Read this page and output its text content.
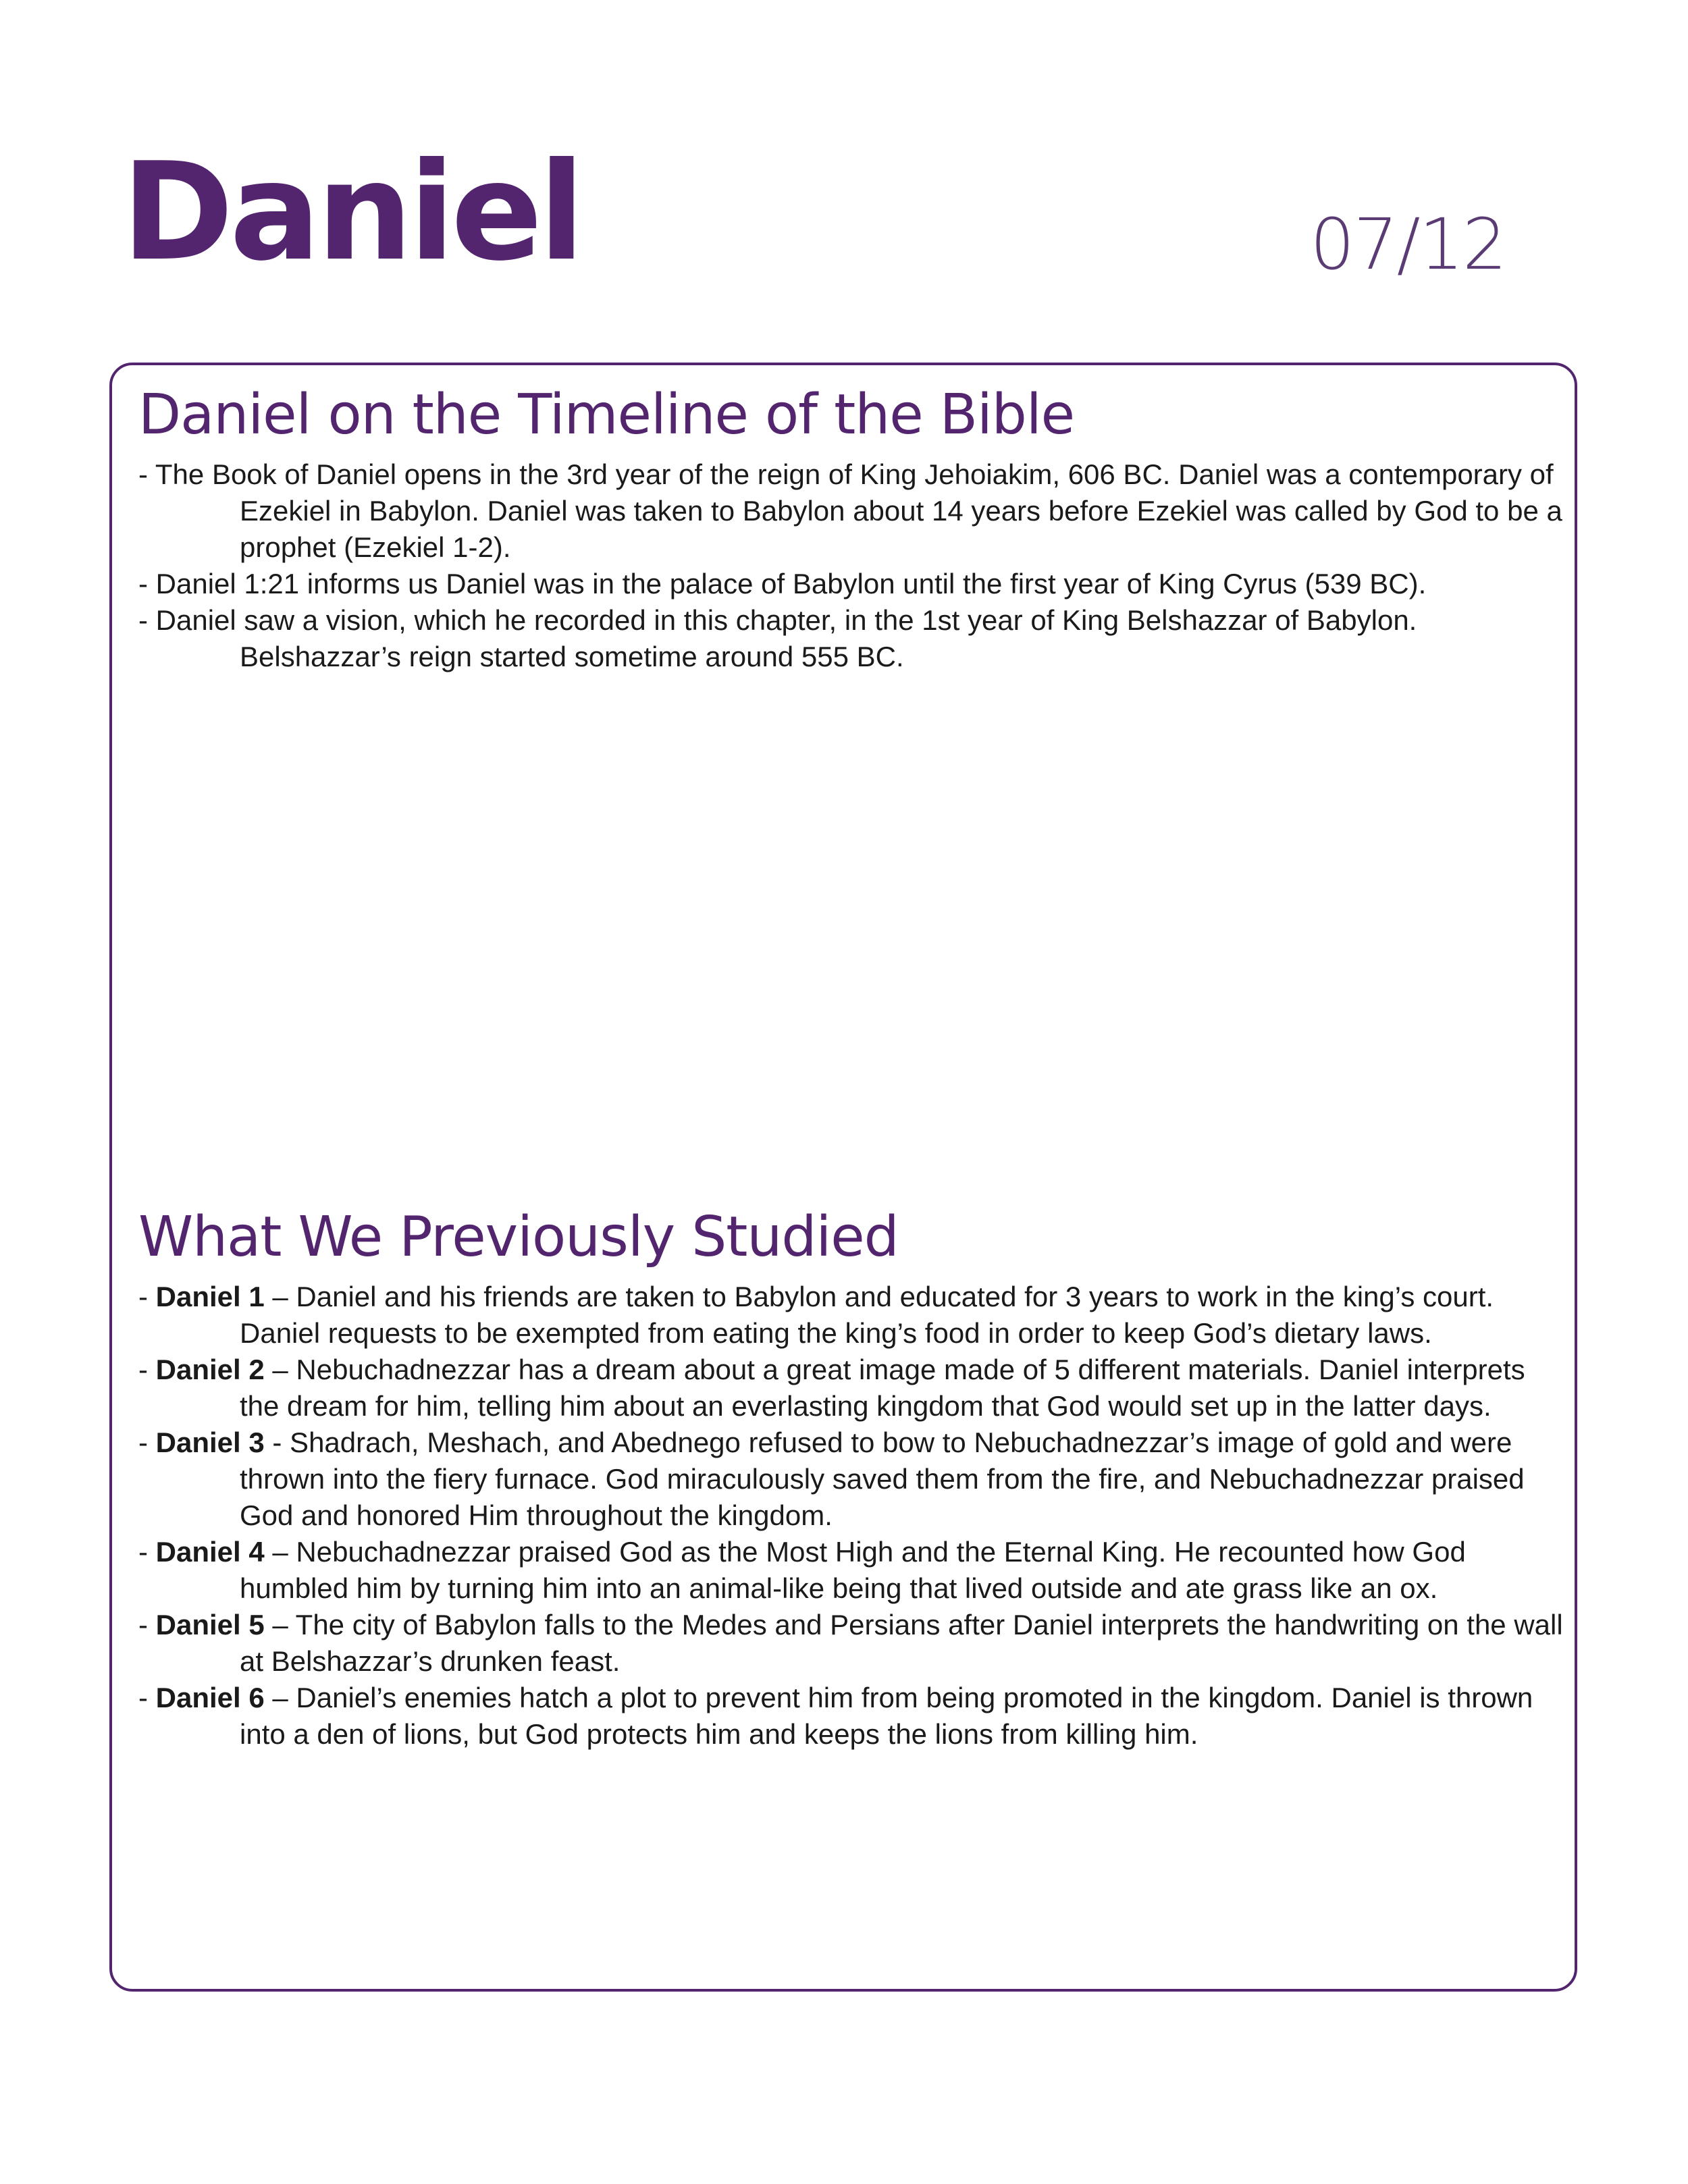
Daniel	07/12
Daniel on the Timeline of the Bible
- The Book of Daniel opens in the 3rd year of the reign of King Jehoiakim, 606 BC. Daniel was a contemporary of Ezekiel in Babylon. Daniel was taken to Babylon about 14 years before Ezekiel was called by God to be a prophet (Ezekiel 1-2).
- Daniel 1:21 informs us Daniel was in the palace of Babylon until the first year of King Cyrus (539 BC).
- Daniel saw a vision, which he recorded in this chapter, in the 1st year of King Belshazzar of Babylon. Belshazzar’s reign started sometime around 555 BC.
What We Previously Studied
- Daniel 1 – Daniel and his friends are taken to Babylon and educated for 3 years to work in the king’s court. Daniel requests to be exempted from eating the king’s food in order to keep God’s dietary laws.
- Daniel 2 – Nebuchadnezzar has a dream about a great image made of 5 different materials. Daniel interprets the dream for him, telling him about an everlasting kingdom that God would set up in the latter days.
- Daniel 3 - Shadrach, Meshach, and Abednego refused to bow to Nebuchadnezzar’s image of gold and were thrown into the fiery furnace. God miraculously saved them from the fire, and Nebuchadnezzar praised God and honored Him throughout the kingdom.
- Daniel 4 – Nebuchadnezzar praised God as the Most High and the Eternal King. He recounted how God humbled him by turning him into an animal-like being that lived outside and ate grass like an ox.
- Daniel 5 – The city of Babylon falls to the Medes and Persians after Daniel interprets the handwriting on the wall at Belshazzar’s drunken feast.
- Daniel 6 – Daniel’s enemies hatch a plot to prevent him from being promoted in the kingdom. Daniel is thrown into a den of lions, but God protects him and keeps the lions from killing him.
